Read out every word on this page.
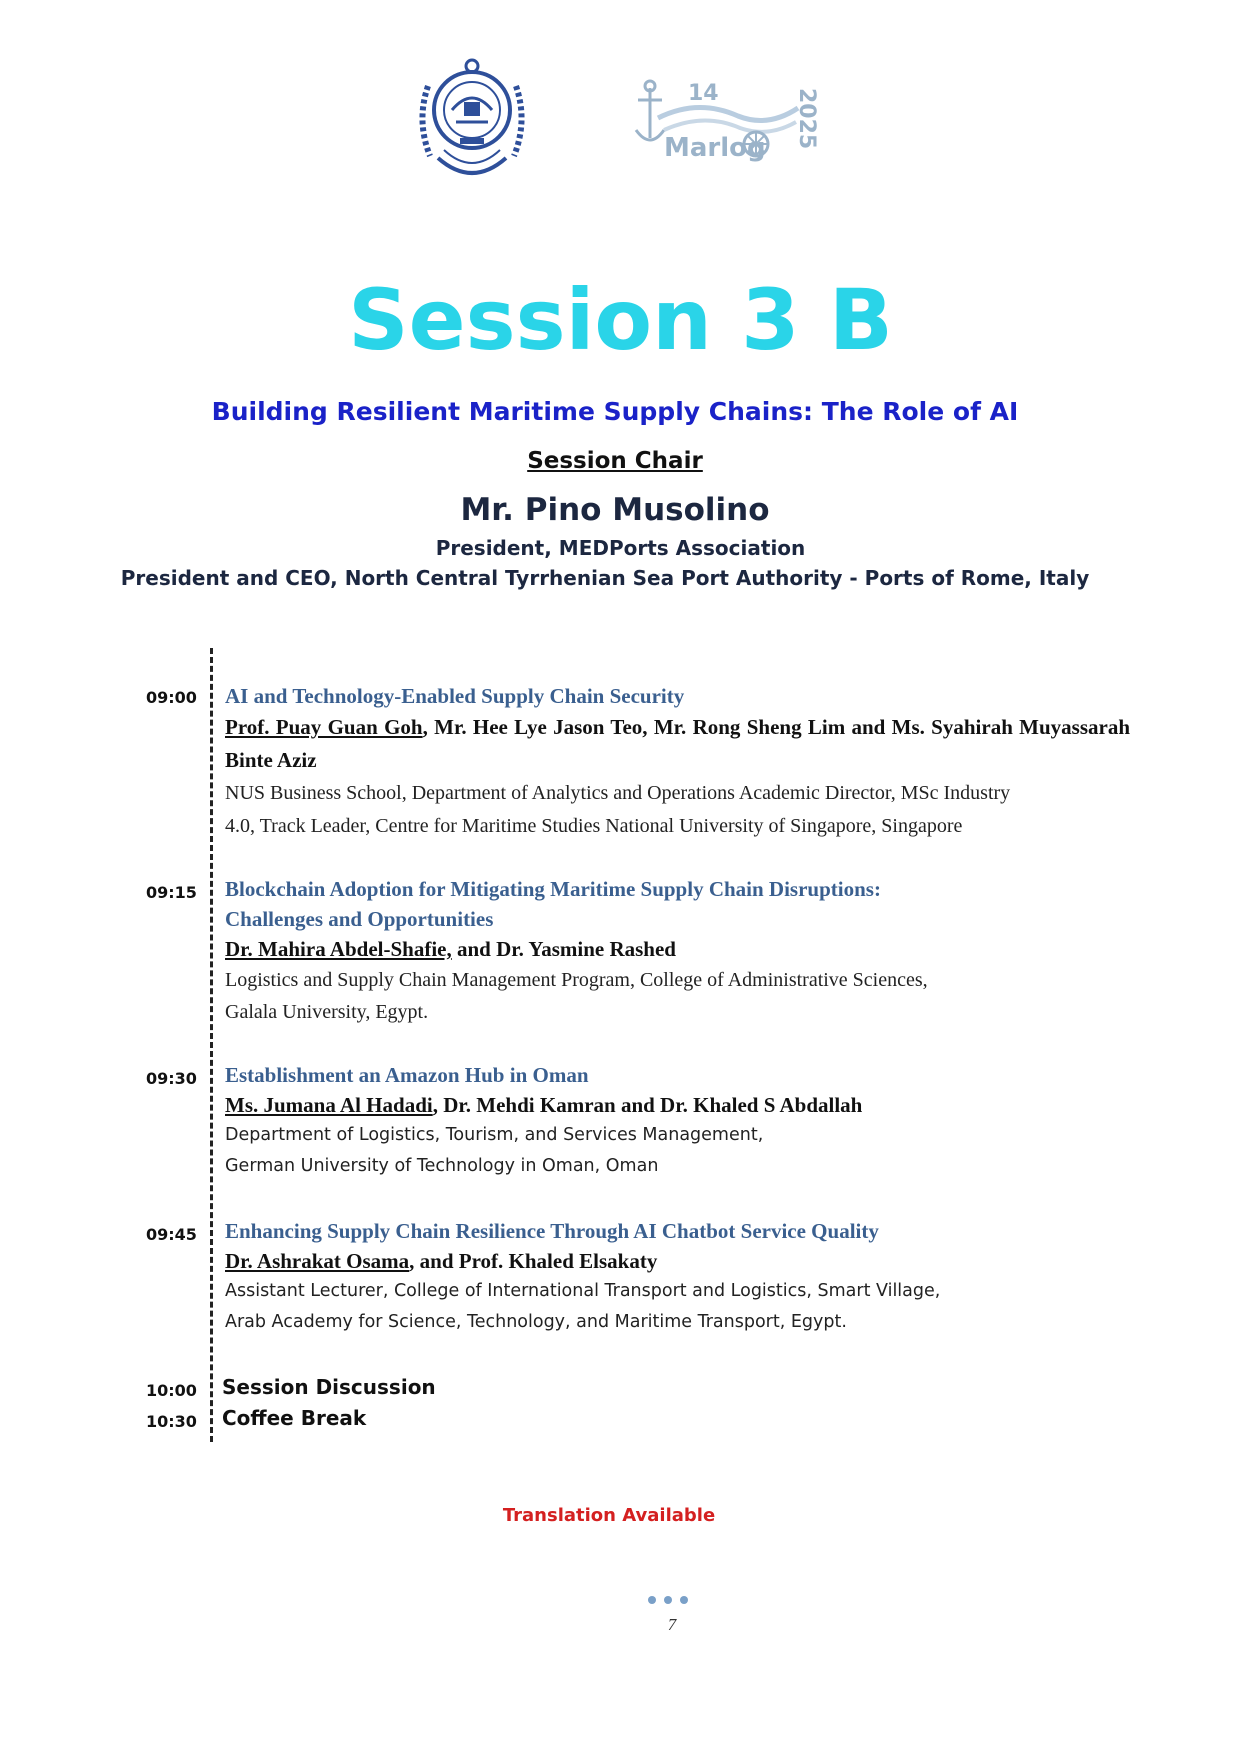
14
Marlog 2025
Session 3 B
Building Resilient Maritime Supply Chains: The Role of AI
Session Chair
Mr. Pino Musolino
President, MEDPorts Association
President and CEO, North Central Tyrrhenian Sea Port Authority - Ports of Rome, Italy
09:00	AI and Technology-Enabled Supply Chain Security
Prof. Puay Guan Goh, Mr. Hee Lye Jason Teo, Mr. Rong Sheng Lim and Ms. Syahirah Muyassarah Binte Aziz
NUS Business School, Department of Analytics and Operations Academic Director, MSc Industry
4.0, Track Leader, Centre for Maritime Studies National University of Singapore, Singapore
09:15	Blockchain Adoption for Mitigating Maritime Supply Chain Disruptions:
Challenges and Opportunities
Dr. Mahira Abdel-Shafie, and Dr. Yasmine Rashed
Logistics and Supply Chain Management Program, College of Administrative Sciences,
Galala University, Egypt.
09:30	Establishment an Amazon Hub in Oman
Ms. Jumana Al Hadadi, Dr. Mehdi Kamran and Dr. Khaled S Abdallah
Department of Logistics, Tourism, and Services Management,
German University of Technology in Oman, Oman
09:45	Enhancing Supply Chain Resilience Through AI Chatbot Service Quality
Dr. Ashrakat Osama, and Prof. Khaled Elsakaty
Assistant Lecturer, College of International Transport and Logistics, Smart Village,
Arab Academy for Science, Technology, and Maritime Transport, Egypt.
10:00	Session Discussion
10:30	Coffee Break
Translation Available
7
